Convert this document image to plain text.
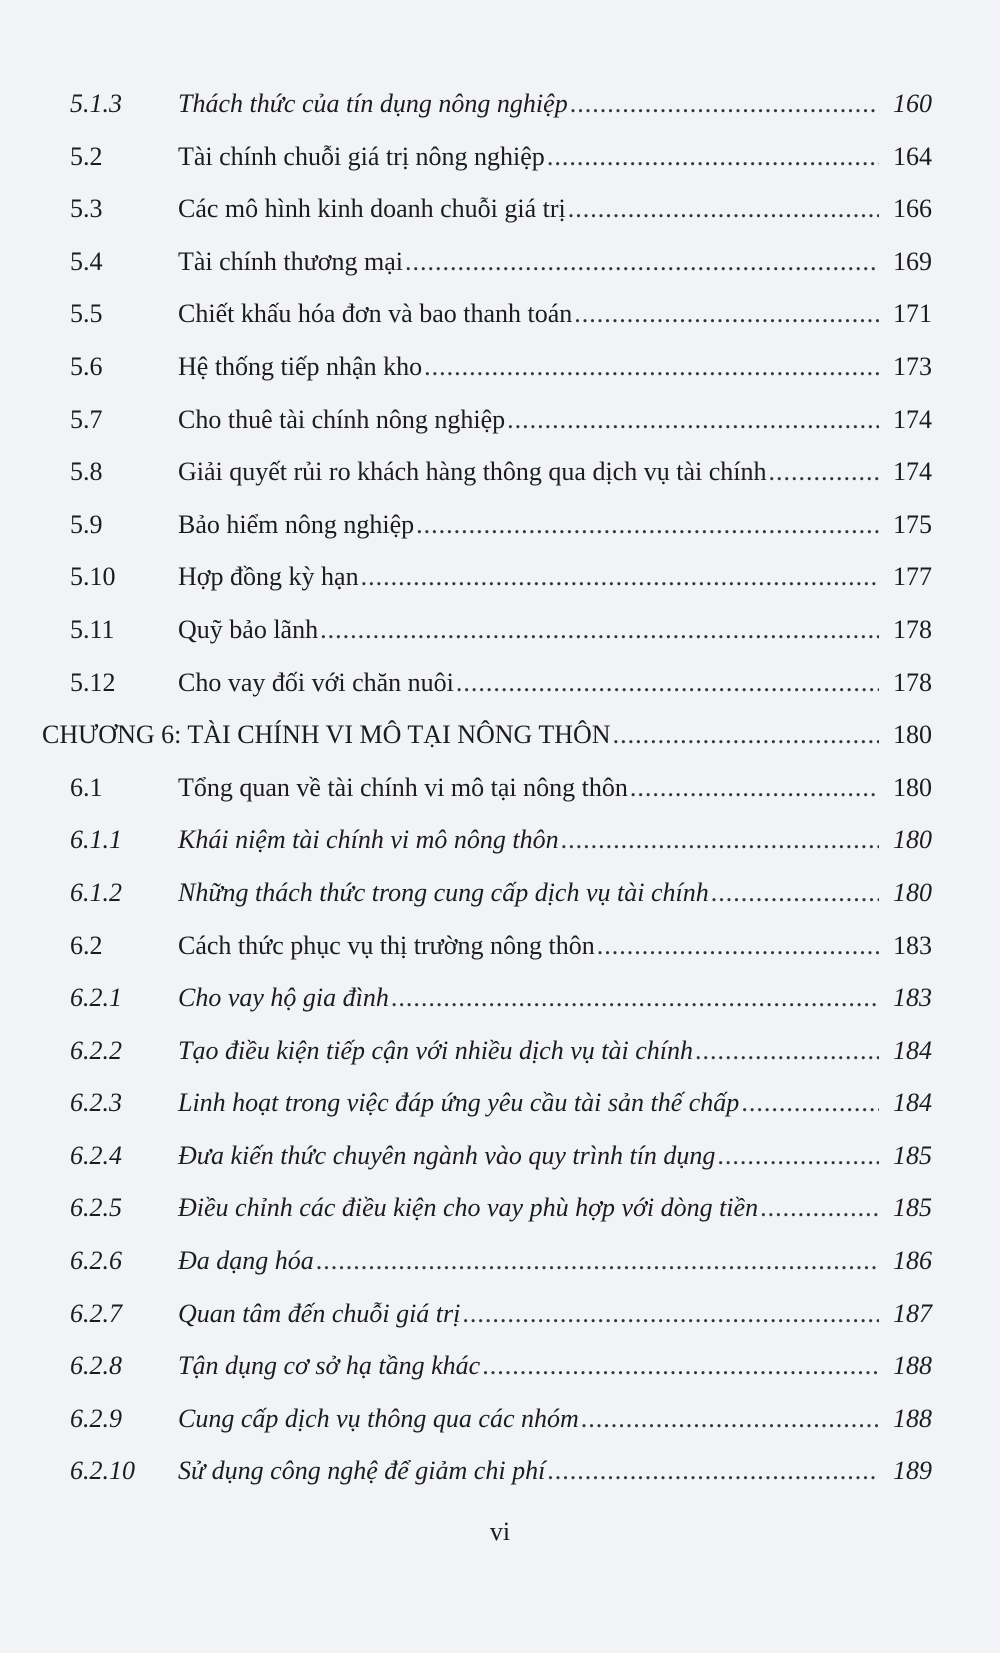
5.1.3 Thách thức của tín dụng nông nghiệp .....	160
5.2	Tài chính chuỗi giá trị nông nghiệp .....	164
5.3	Các mô hình kinh doanh chuỗi giá trị .....	166
5.4	Tài chính thương mại .....	169
5.5	Chiết khấu hóa đơn và bao thanh toán .....	171
5.6	Hệ thống tiếp nhận kho .....	173
5.7	Cho thuê tài chính nông nghiệp .....	174
5.8	Giải quyết rủi ro khách hàng thông qua dịch vụ tài chính .....	174
5.9	Bảo hiểm nông nghiệp .....	175
5.10 Hợp đồng kỳ hạn .....	177
5.11 Quỹ bảo lãnh .....	178
5.12 Cho vay đối với chăn nuôi .....	178
CHƯƠNG 6: TÀI CHÍNH VI MÔ TẠI NÔNG THÔN .....	180
6.1	Tổng quan về tài chính vi mô tại nông thôn .....	180
6.1.1 Khái niệm tài chính vi mô nông thôn .....	180
6.1.2 Những thách thức trong cung cấp dịch vụ tài chính .....	180
6.2	Cách thức phục vụ thị trường nông thôn .....	183
6.2.1 Cho vay hộ gia đình .....	183
6.2.2 Tạo điều kiện tiếp cận với nhiều dịch vụ tài chính .....	184
6.2.3 Linh hoạt trong việc đáp ứng yêu cầu tài sản thế chấp .....	184
6.2.4 Đưa kiến thức chuyên ngành vào quy trình tín dụng .....	185
6.2.5 Điều chỉnh các điều kiện cho vay phù hợp với dòng tiền .....	185
6.2.6 Đa dạng hóa .....	186
6.2.7 Quan tâm đến chuỗi giá trị .....	187
6.2.8 Tận dụng cơ sở hạ tầng khác .....	188
6.2.9 Cung cấp dịch vụ thông qua các nhóm .....	188
6.2.10 Sử dụng công nghệ để giảm chi phí .....	189
vi
